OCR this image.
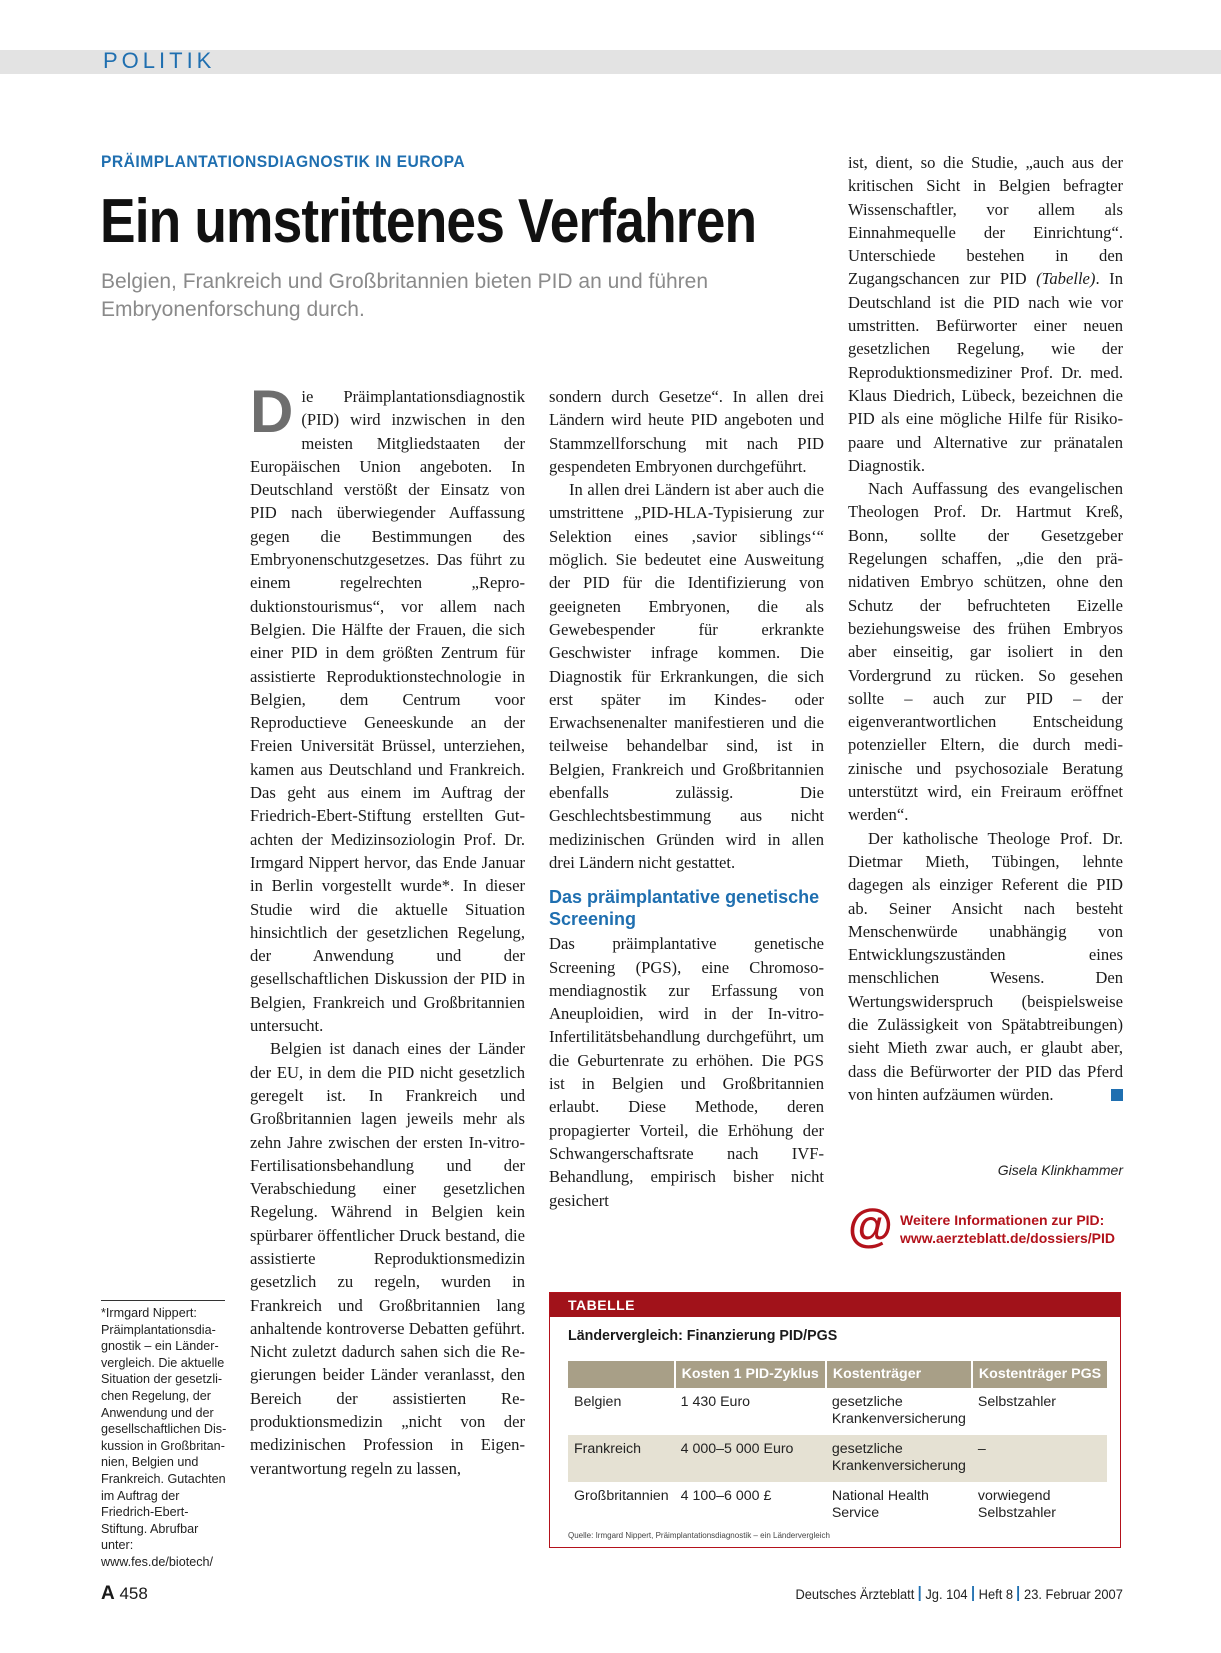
POLITIK
PRÄIMPLANTATIONSDIAGNOSTIK IN EUROPA
Ein umstrittenes Verfahren
Belgien, Frankreich und Großbritannien bieten PID an und führen Embryonenforschung durch.

Die Präimplantationsdiagnostik (PID) wird inzwischen in den meisten Mitgliedstaaten der Europäischen Union angeboten. In Deutschland verstößt der Einsatz von PID nach überwiegender Auffassung gegen die Bestimmungen des Embryonenschutzgesetzes. Das führt zu einem regelrechten „Reproduktionstourismus“, vor allem nach Belgien. Die Hälfte der Frauen, die sich einer PID in dem größten Zentrum für assistierte Reproduktionstechnologie in Belgien, dem Centrum voor Reproductieve Geneeskunde an der Freien Universität Brüssel, unterziehen, kamen aus Deutschland und Frankreich. Das geht aus einem im Auftrag der Friedrich-Ebert-Stiftung erstellten Gutachten der Medizinsoziologin Prof. Dr. Irmgard Nippert hervor, das Ende Januar in Berlin vorgestellt wurde*. In dieser Studie wird die aktuelle Situation hinsichtlich der gesetzlichen Regelung, der Anwendung und der gesellschaftlichen Diskussion der PID in Belgien, Frankreich und Großbritannien untersucht.

Belgien ist danach eines der Länder der EU, in dem die PID nicht gesetzlich geregelt ist. In Frankreich und Großbritannien lagen jeweils mehr als zehn Jahre zwischen der ersten In-vitro-Fertilisationsbehandlung und der Verabschiedung einer gesetzlichen Regelung. Während in Belgien kein spürbarer öffentlicher Druck bestand, die assistierte Reproduktionsmedizin gesetzlich zu regeln, wurden in Frankreich und Großbritannien lang anhaltende kontroverse Debatten geführt. Nicht zuletzt dadurch sahen sich die Regierungen beider Länder veranlasst, den Bereich der assistierten Reproduktionsmedizin „nicht von der medizinischen Profession in Eigenverantwortung regeln zu lassen,

sondern durch Gesetze“. In allen drei Ländern wird heute PID angeboten und Stammzellforschung mit nach PID gespendeten Embryonen durchgeführt.

In allen drei Ländern ist aber auch die umstrittene „PID-HLA-Typisierung zur Selektion eines ‚savior siblings‘“ möglich. Sie bedeutet eine Ausweitung der PID für die Identifizierung von geeigneten Embryonen, die als Gewebespender für erkrankte Geschwister infrage kommen. Die Diagnostik für Erkrankungen, die sich erst später im Kindes- oder Erwachsenenalter manifestieren und die teilweise behandelbar sind, ist in Belgien, Frankreich und Großbritannien ebenfalls zulässig. Die Geschlechtsbestimmung aus nicht medizinischen Gründen wird in allen drei Ländern nicht gestattet.

Das präimplantative genetische Screening

Das präimplantative genetische Screening (PGS), eine Chromosomendiagnostik zur Erfassung von Aneuploidien, wird in der In-vitro-Infertilitätsbehandlung durchgeführt, um die Geburtenrate zu erhöhen. Die PGS ist in Belgien und Großbritannien erlaubt. Diese Methode, deren propagierter Vorteil, die Erhöhung der Schwangerschaftsrate nach IVF-Behandlung, empirisch bisher nicht gesichert

ist, dient, so die Studie, „auch aus der kritischen Sicht in Belgien befragter Wissenschaftler, vor allem als Einnahmequelle der Einrichtung“. Unterschiede bestehen in den Zugangschancen zur PID (Tabelle). In Deutschland ist die PID nach wie vor umstritten. Befürworter einer neuen gesetzlichen Regelung, wie der Reproduktionsmediziner Prof. Dr. med. Klaus Diedrich, Lübeck, bezeichnen die PID als eine mögliche Hilfe für Risikopaare und Alternative zur pränatalen Diagnostik.

Nach Auffassung des evangelischen Theologen Prof. Dr. Hartmut Kreß, Bonn, sollte der Gesetzgeber Regelungen schaffen, „die den pränidativen Embryo schützen, ohne den Schutz der befruchteten Eizelle beziehungsweise des frühen Embryos aber einseitig, gar isoliert in den Vordergrund zu rücken. So gesehen sollte – auch zur PID – der eigenverantwortlichen Entscheidung potenzieller Eltern, die durch medizinische und psychosoziale Beratung unterstützt wird, ein Freiraum eröffnet werden“.

Der katholische Theologe Prof. Dr. Dietmar Mieth, Tübingen, lehnte dagegen als einziger Referent die PID ab. Seiner Ansicht nach besteht Menschenwürde unabhängig von Entwicklungszuständen eines menschlichen Wesens. Den Wertungswiderspruch (beispielsweise die Zulässigkeit von Spätabtreibungen) sieht Mieth zwar auch, er glaubt aber, dass die Befürworter der PID das Pferd von hinten aufzäumen würden.

Gisela Klinkhammer
@ Weitere Informationen zur PID:
www.aerzteblatt.de/dossiers/PID
*Irmgard Nippert: Präimplantationsdiagnostik – ein Ländervergleich. Die aktuelle Situation der gesetzlichen Regelung, der Anwendung und der gesellschaftlichen Diskussion in Großbritannien, Belgien und Frankreich. Gutachten im Auftrag der Friedrich-Ebert-Stiftung. Abrufbar unter: www.fes.de/biotech/
TABELLE
Ländervergleich: Finanzierung PID/PGS
	Kosten 1 PID-Zyklus	Kostenträger	Kostenträger PGS
Belgien	1 430 Euro	gesetzliche Krankenversicherung	Selbstzahler
Frankreich	4 000–5 000 Euro	gesetzliche Krankenversicherung	–
Großbritannien	4 100–6 000 £	National Health Service	vorwiegend Selbstzahler
Quelle: Irmgard Nippert, Präimplantationsdiagnostik – ein Ländervergleich
A 458	Deutsches Ärzteblatt Jg. 104 Heft 8 23. Februar 2007
